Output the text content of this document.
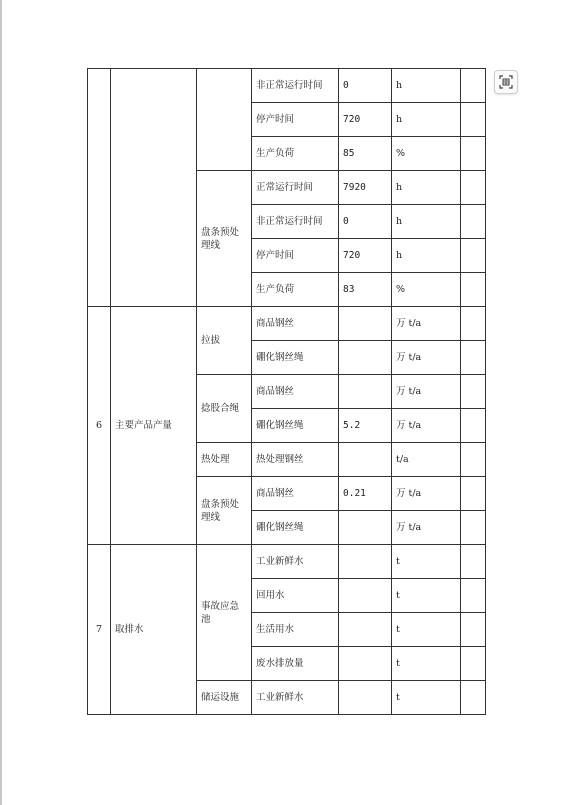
			非正常运行时间	0	h	
			停产时间	720	h	
			生产负荷	85	%	
		盘条预处理线	正常运行时间	7920	h	
			非正常运行时间	0	h	
			停产时间	720	h	
			生产负荷	83	%	
6	主要产品产量	拉拔	商品钢丝		万 t/a	
			硼化钢丝绳		万 t/a	
		捻股合绳	商品钢丝		万 t/a	
			硼化钢丝绳	5.2	万 t/a	
		热处理	热处理钢丝		t/a	
		盘条预处理线	商品钢丝	0.21	万 t/a	
			硼化钢丝绳		万 t/a	
7	取排水	事故应急池	工业新鲜水		t	
			回用水		t	
			生活用水		t	
			废水排放量		t	
		储运设施	工业新鲜水		t	
